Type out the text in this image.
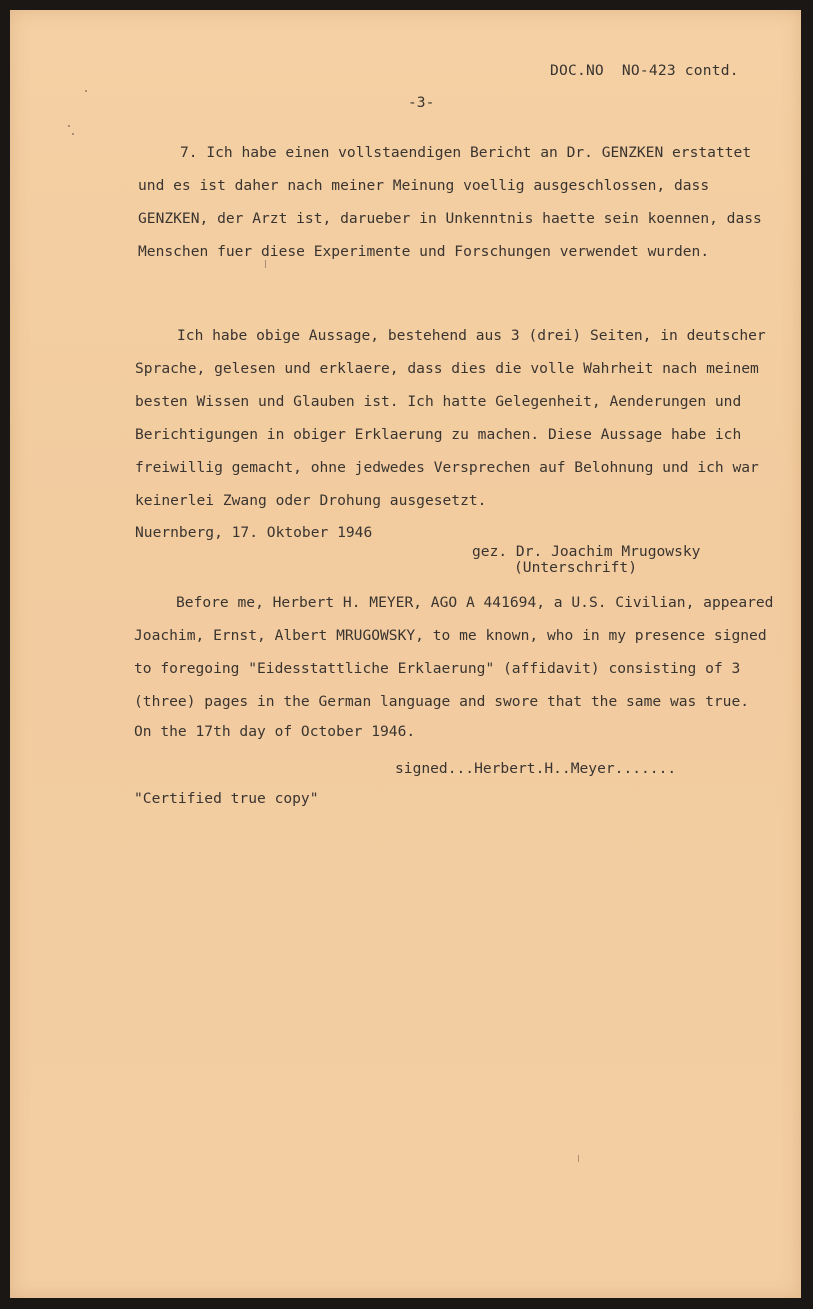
DOC.NO  NO-423 contd.
-3-
7. Ich habe einen vollstaendigen Bericht an Dr. GENZKEN erstattet
und es ist daher nach meiner Meinung voellig ausgeschlossen, dass
GENZKEN, der Arzt ist, darueber in Unkenntnis haette sein koennen, dass
Menschen fuer diese Experimente und Forschungen verwendet wurden.
Ich habe obige Aussage, bestehend aus 3 (drei) Seiten, in deutscher
Sprache, gelesen und erklaere, dass dies die volle Wahrheit nach meinem
besten Wissen und Glauben ist. Ich hatte Gelegenheit, Aenderungen und
Berichtigungen in obiger Erklaerung zu machen. Diese Aussage habe ich
freiwillig gemacht, ohne jedwedes Versprechen auf Belohnung und ich war
keinerlei Zwang oder Drohung ausgesetzt.
Nuernberg, 17. Oktober 1946
gez. Dr. Joachim Mrugowsky
(Unterschrift)
Before me, Herbert H. MEYER, AGO A 441694, a U.S. Civilian, appeared
Joachim, Ernst, Albert MRUGOWSKY, to me known, who in my presence signed
to foregoing "Eidesstattliche Erklaerung" (affidavit) consisting of 3
(three) pages in the German language and swore that the same was true.
On the 17th day of October 1946.
signed...Herbert.H..Meyer.......
"Certified true copy"
